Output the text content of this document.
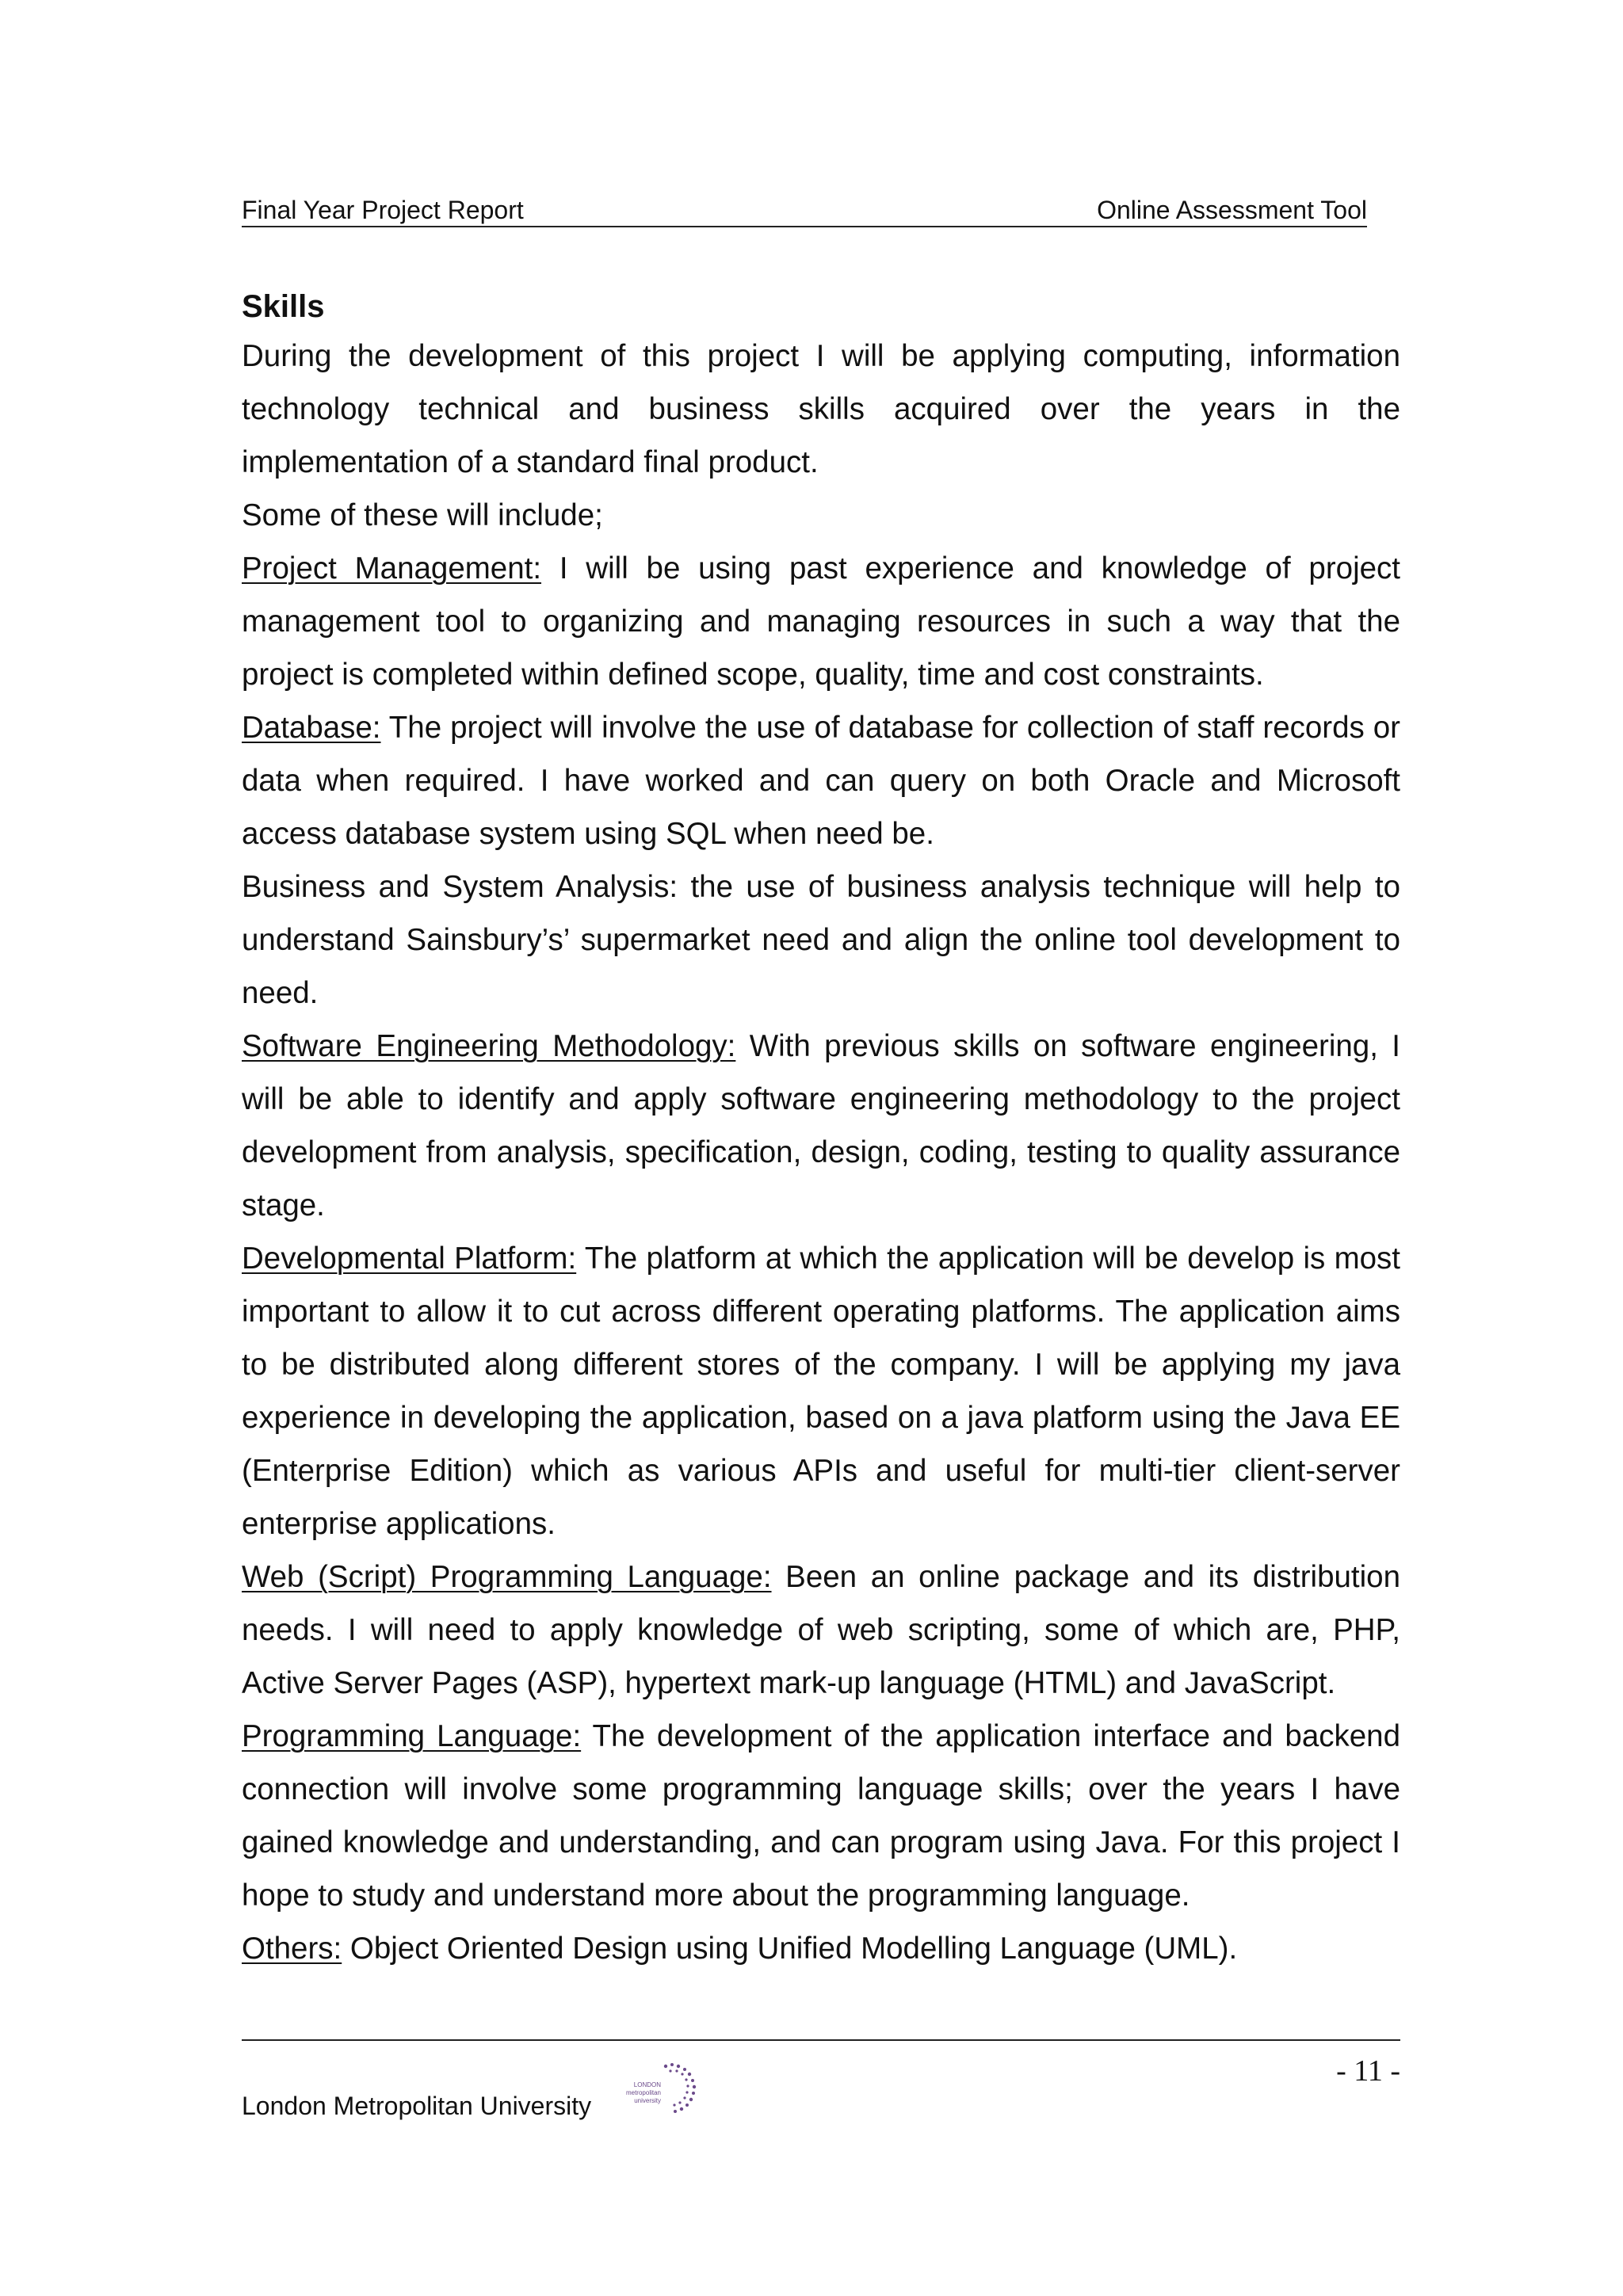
Final Year Project Report	Online Assessment Tool
Skills

During the development of this project I will be applying computing, information technology technical and business skills acquired over the years in the implementation of a standard final product.

Some of these will include;

Project Management: I will be using past experience and knowledge of project management tool to organizing and managing resources in such a way that the project is completed within defined scope, quality, time and cost constraints.

Database: The project will involve the use of database for collection of staff records or data when required. I have worked and can query on both Oracle and Microsoft access database system using SQL when need be.

Business and System Analysis: the use of business analysis technique will help to understand Sainsbury’s’ supermarket need and align the online tool development to need.

Software Engineering Methodology: With previous skills on software engineering, I will be able to identify and apply software engineering methodology to the project development from analysis, specification, design, coding, testing to quality assurance stage.

Developmental Platform: The platform at which the application will be develop is most important to allow it to cut across different operating platforms. The application aims to be distributed along different stores of the company. I will be applying my java experience in developing the application, based on a java platform using the Java EE (Enterprise Edition) which as various APIs and useful for multi-tier client-server enterprise applications.

Web (Script) Programming Language: Been an online package and its distribution needs. I will need to apply knowledge of web scripting, some of which are, PHP, Active Server Pages (ASP), hypertext mark-up language (HTML) and JavaScript.

Programming Language: The development of the application interface and backend connection will involve some programming language skills; over the years I have gained knowledge and understanding, and can program using Java. For this project I hope to study and understand more about the programming language.

Others: Object Oriented Design using Unified Modelling Language (UML).

- 11 -
London Metropolitan University
LONDON
metropolitan
university
